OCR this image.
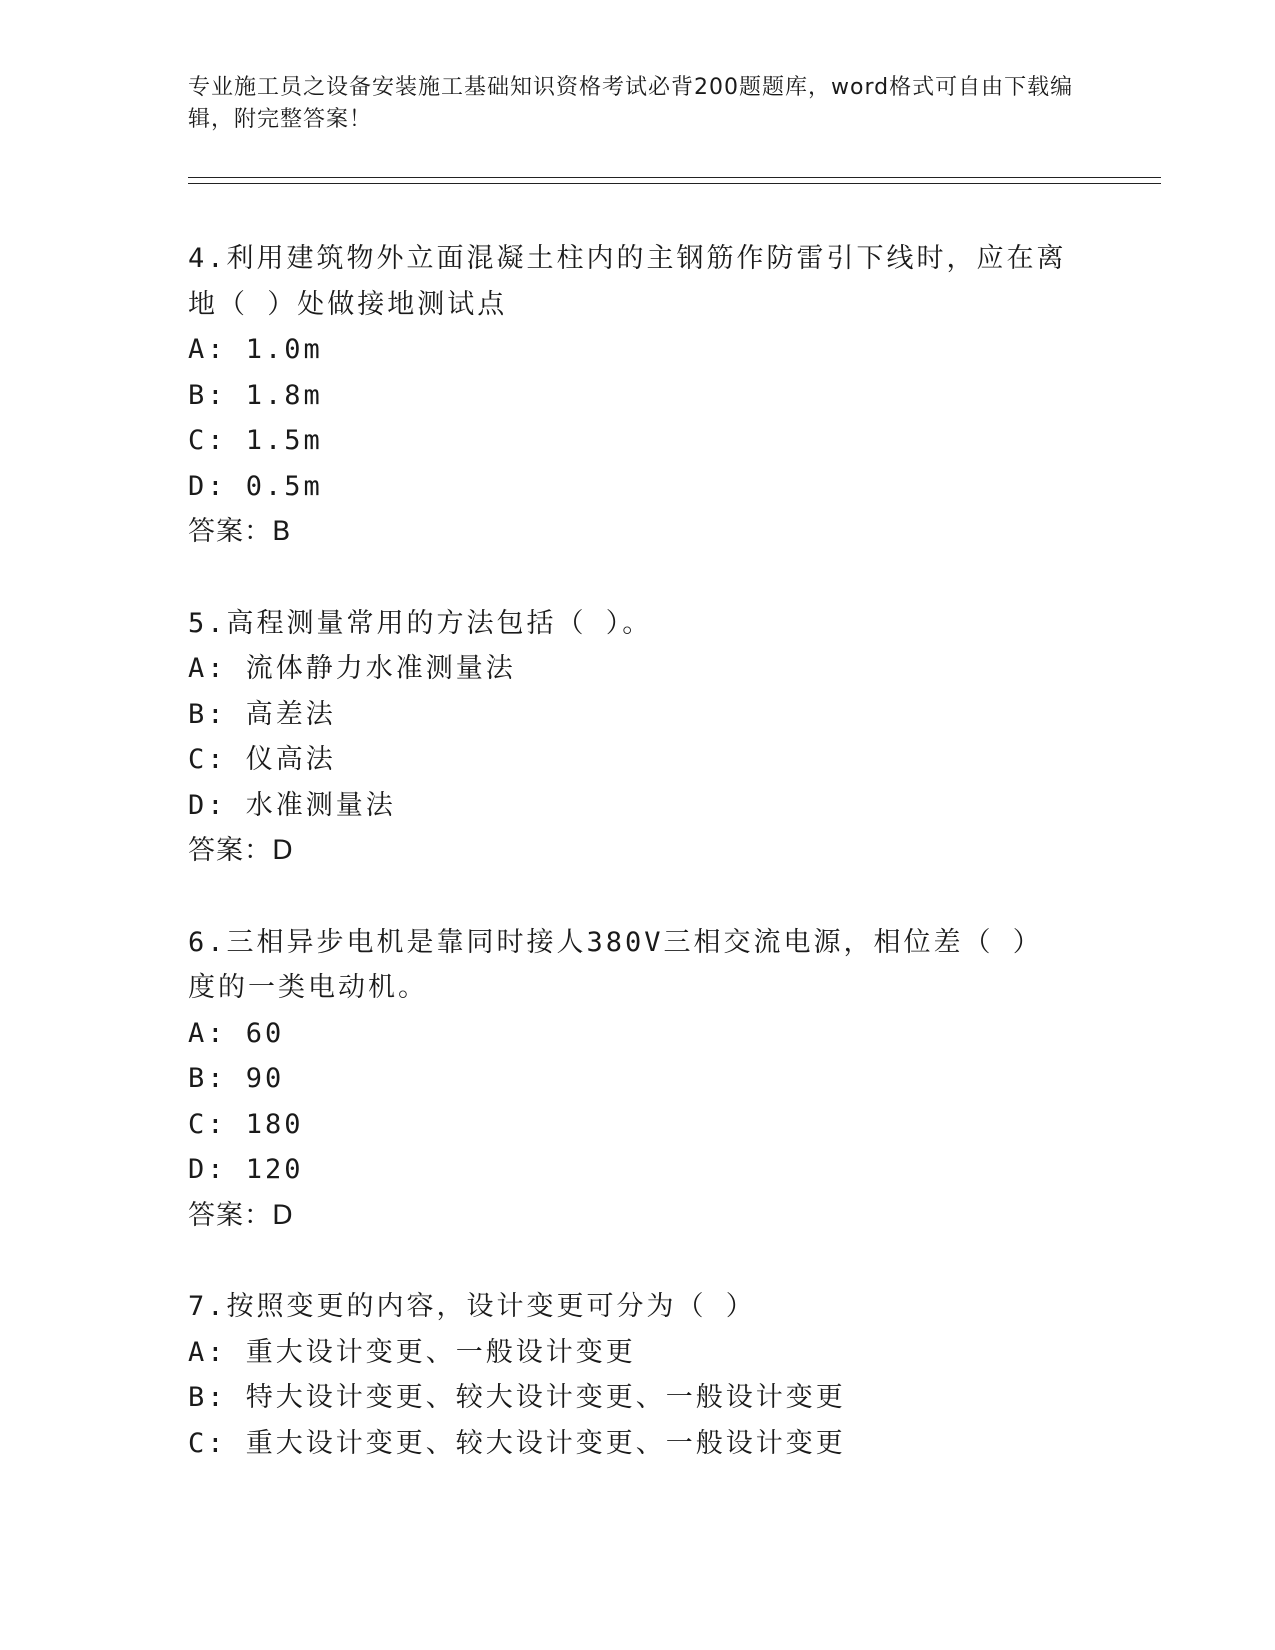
专业施工员之设备安装施工基础知识资格考试必背200题题库，word格式可自由下载编辑，附完整答案！
4.利用建筑物外立面混凝土柱内的主钢筋作防雷引下线时，应在离地（ ）处做接地测试点
A: 1.0m
B: 1.8m
C: 1.5m
D: 0.5m
答案：B
5.高程测量常用的方法包括（ ）。
A: 流体静力水准测量法
B: 高差法
C: 仪高法
D: 水准测量法
答案：D
6.三相异步电机是靠同时接人380V三相交流电源，相位差（ ）度的一类电动机。
A: 60
B: 90
C: 180
D: 120
答案：D
7.按照变更的内容，设计变更可分为（ ）
A: 重大设计变更、一般设计变更
B: 特大设计变更、较大设计变更、一般设计变更
C: 重大设计变更、较大设计变更、一般设计变更
